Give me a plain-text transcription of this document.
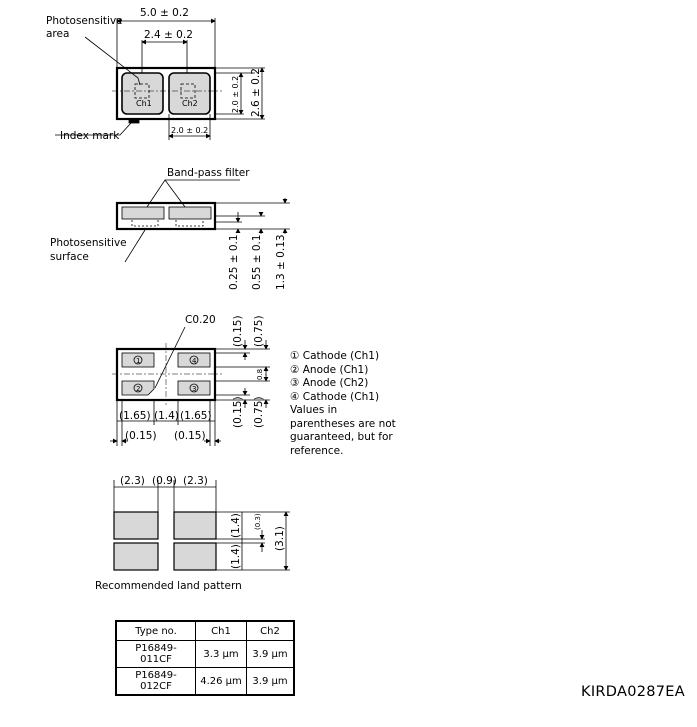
5.0 ± 0.2
2.4 ± 0.2
Photosensitive
area
Ch1	Ch2	2.0 ± 0.2 2.6 ± 0.2
2.0 ± 0.2
Index mark
Band-pass filter
Photosensitive
surface	0.25 ± 0.1 0.55 ± 0.1 1.3 ± 0.13
C0.20
1	4
2	3
(0.15) (0.75)
0.8
(0.15) (0.75)
(1.65) (1.4) (1.65)
(0.15) (0.15)
(2.3) (0.9) (2.3)
(1.4)
(1.4)
(0.3)
(3.1)
① Cathode (Ch1)
② Anode (Ch1)
③ Anode (Ch2)
④ Cathode (Ch1)
Values in parentheses are not guaranteed, but for reference.
Recommended land pattern
Type no.	Ch1	Ch2
P16849-011CF	3.3 μm	3.9 μm
P16849-012CF	4.26 μm	3.9 μm
KIRDA0287EA
